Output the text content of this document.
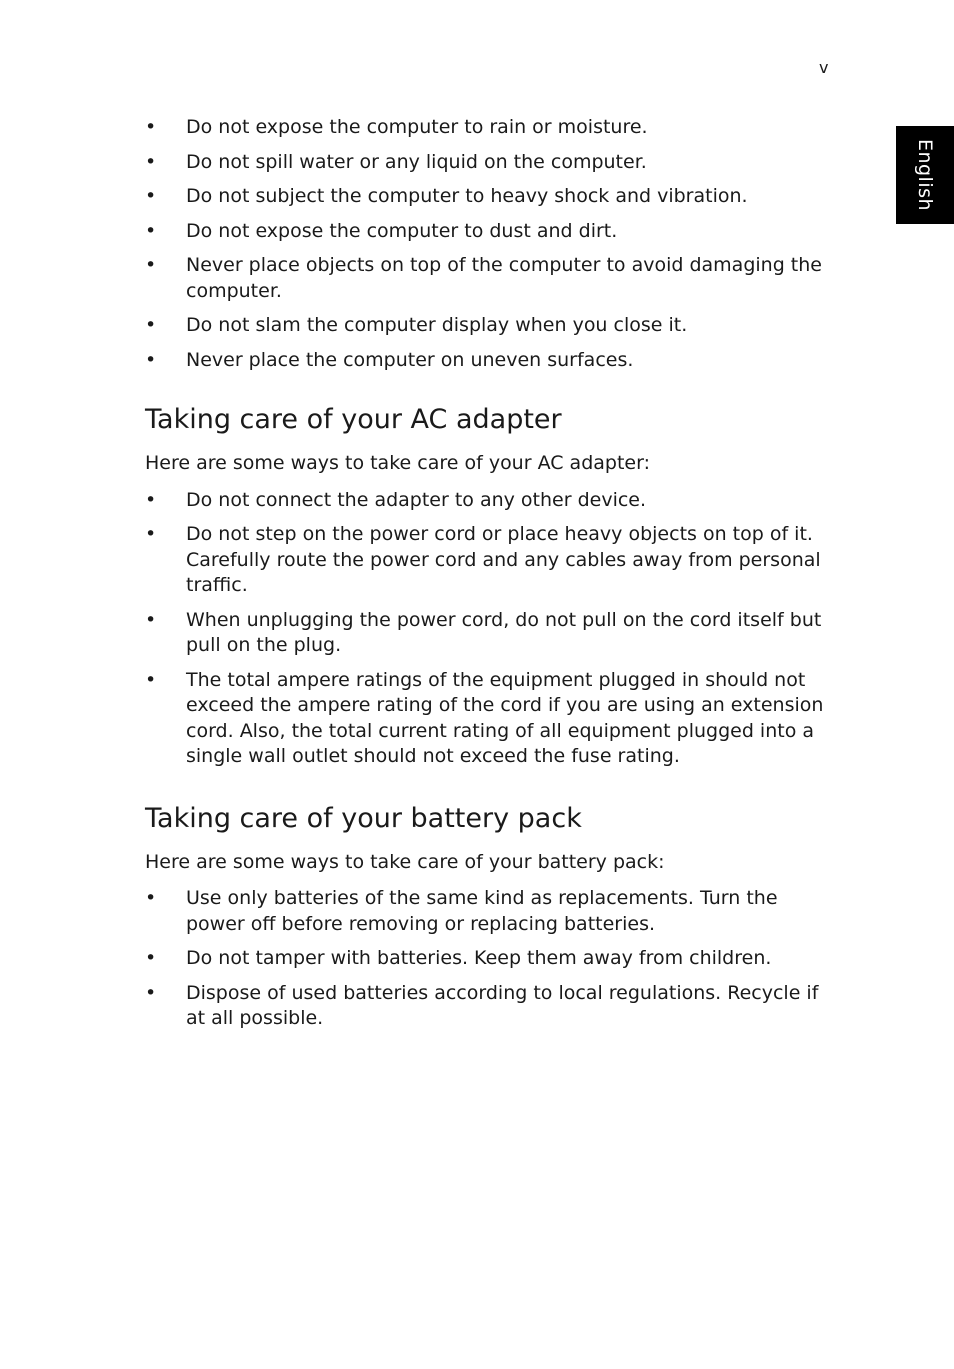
v
English
• Do not expose the computer to rain or moisture.
• Do not spill water or any liquid on the computer.
• Do not subject the computer to heavy shock and vibration.
• Do not expose the computer to dust and dirt.
• Never place objects on top of the computer to avoid damaging the computer.
• Do not slam the computer display when you close it.
• Never place the computer on uneven surfaces.
Taking care of your AC adapter

Here are some ways to take care of your AC adapter:

• Do not connect the adapter to any other device.
• Do not step on the power cord or place heavy objects on top of it. Carefully route the power cord and any cables away from personal traffic.
• When unplugging the power cord, do not pull on the cord itself but pull on the plug.
• The total ampere ratings of the equipment plugged in should not exceed the ampere rating of the cord if you are using an extension cord. Also, the total current rating of all equipment plugged into a single wall outlet should not exceed the fuse rating.
Taking care of your battery pack

Here are some ways to take care of your battery pack:

• Use only batteries of the same kind as replacements. Turn the power off before removing or replacing batteries.
• Do not tamper with batteries. Keep them away from children.
• Dispose of used batteries according to local regulations. Recycle if at all possible.
